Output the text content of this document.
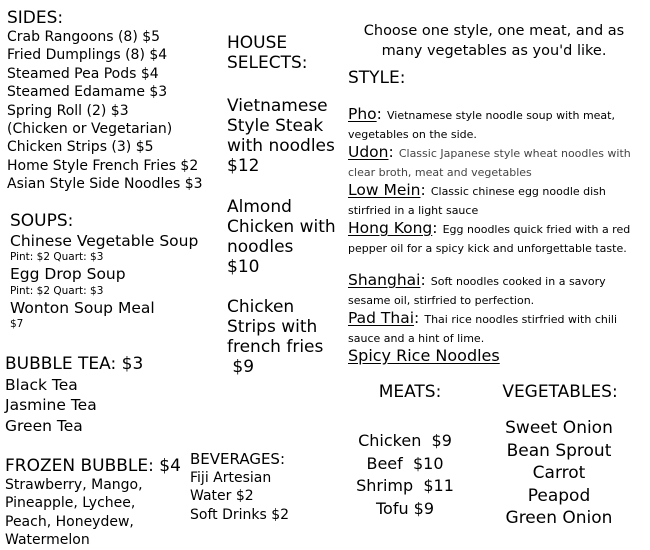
SIDES:
Crab Rangoons (8) $5
Fried Dumplings (8) $4
Steamed Pea Pods $4
Steamed Edamame $3
Spring Roll (2) $3
(Chicken or Vegetarian)
Chicken Strips (3) $5
Home Style French Fries $2
Asian Style Side Noodles $3
SOUPS:
Chinese Vegetable Soup
Pint: $2 Quart: $3
Egg Drop Soup
Pint: $2 Quart: $3
Wonton Soup Meal
$7
BUBBLE TEA: $3
Black Tea
Jasmine Tea
Green Tea
FROZEN BUBBLE: $4
Strawberry, Mango,
Pineapple, Lychee,
Peach, Honeydew,
Watermelon
HOUSE
SELECTS:
Vietnamese
Style Steak
with noodles
$12
Almond
Chicken with
noodles
$10
Chicken
Strips with
french fries
$9
BEVERAGES:
Fiji Artesian
Water $2
Soft Drinks $2
Choose one style, one meat, and as
many vegetables as you'd like.
STYLE:
Pho: Vietnamese style noodle soup with meat, vegetables on the side.
Udon: Classic Japanese style wheat noodles with clear broth, meat and vegetables
Low Mein: Classic chinese egg noodle dish stirfried in a light sauce
Hong Kong: Egg noodles quick fried with a red pepper oil for a spicy kick and unforgettable taste.
Shanghai: Soft noodles cooked in a savory sesame oil, stirfried to perfection.
Pad Thai: Thai rice noodles stirfried with chili sauce and a hint of lime.
Spicy Rice Noodles
MEATS:
Chicken  $9
Beef  $10
Shrimp  $11
Tofu $9
VEGETABLES:
Sweet Onion
Bean Sprout
Carrot
Peapod
Green Onion
